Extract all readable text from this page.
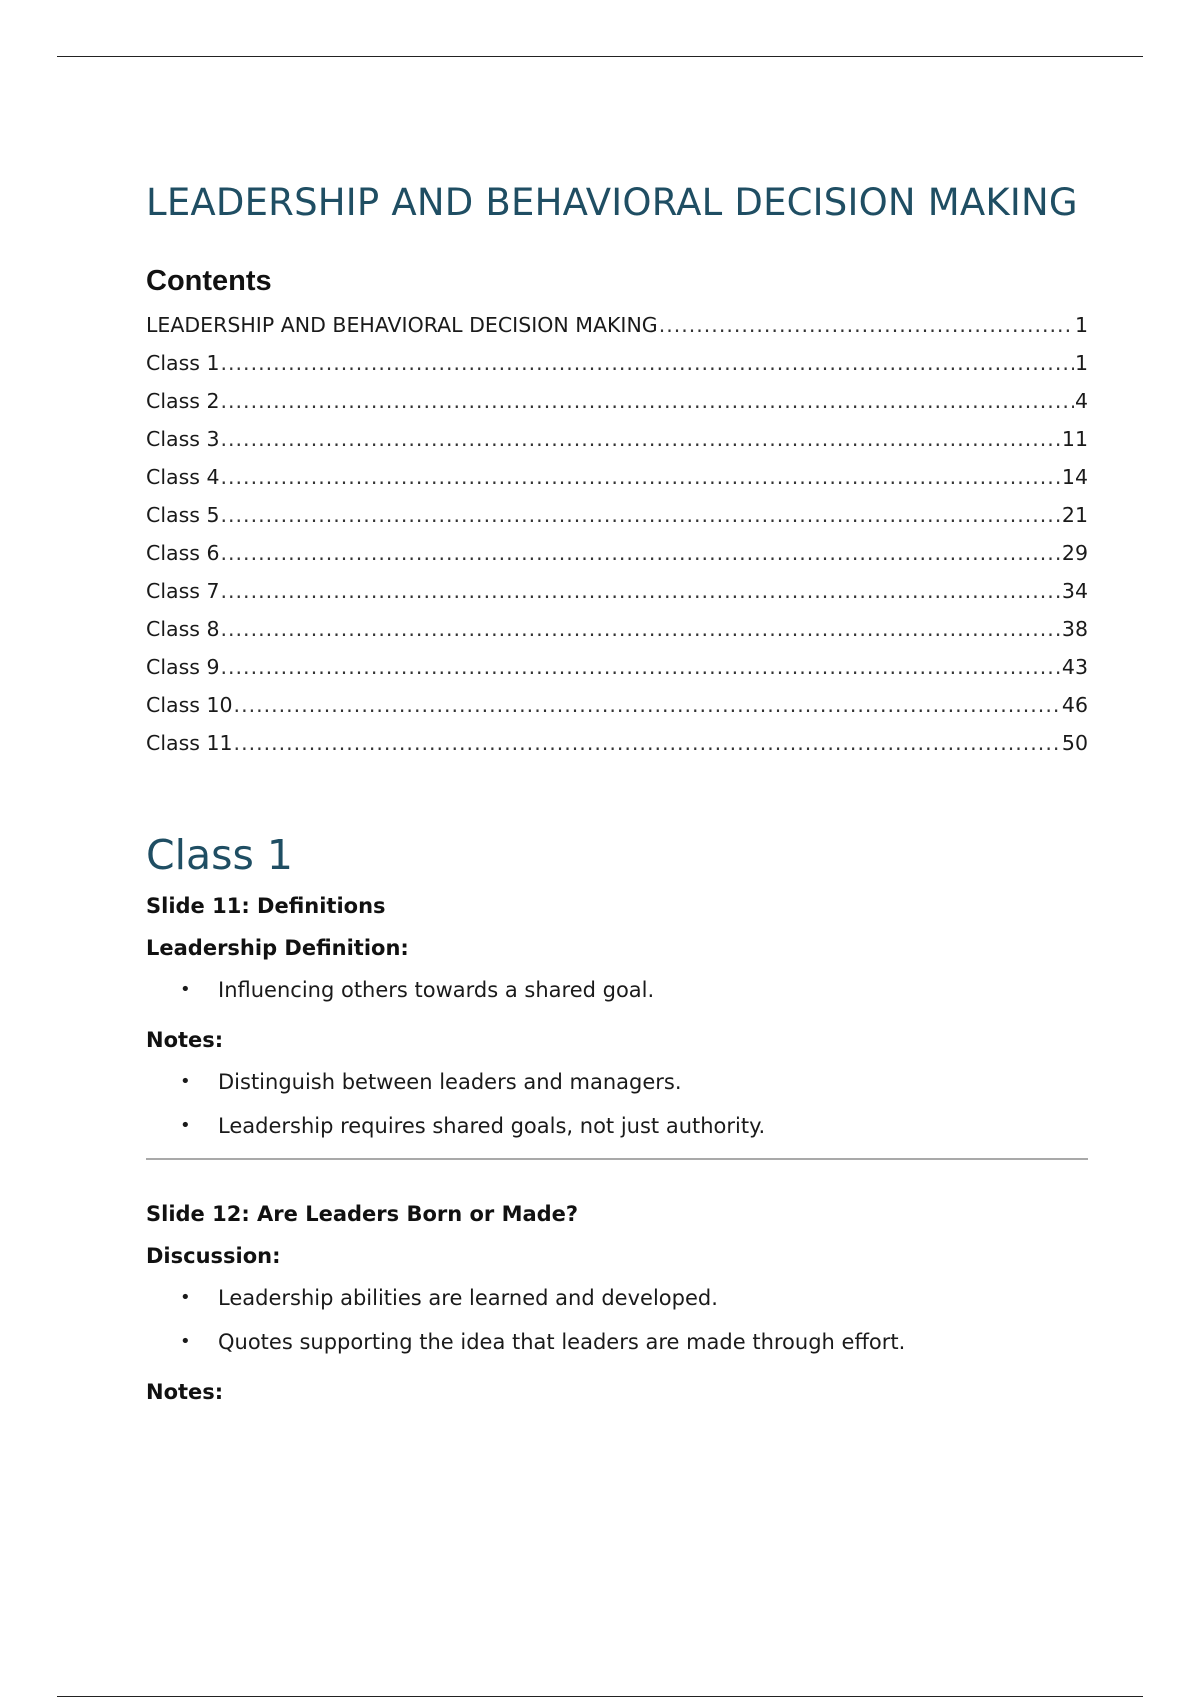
LEADERSHIP AND BEHAVIORAL DECISION MAKING
Contents
LEADERSHIP AND BEHAVIORAL DECISION MAKING .....	1
Class 1 .....	1
Class 2 .....	4
Class 3 .....	11
Class 4 .....	14
Class 5 .....	21
Class 6 .....	29
Class 7 .....	34
Class 8 .....	38
Class 9 .....	43
Class 10 .....	46
Class 11 .....	50
Class 1

Slide 11: Definitions

Leadership Definition:

• Influencing others towards a shared goal.

Notes:

• Distinguish between leaders and managers.
• Leadership requires shared goals, not just authority.

Slide 12: Are Leaders Born or Made?

Discussion:

• Leadership abilities are learned and developed.
• Quotes supporting the idea that leaders are made through effort.

Notes:
